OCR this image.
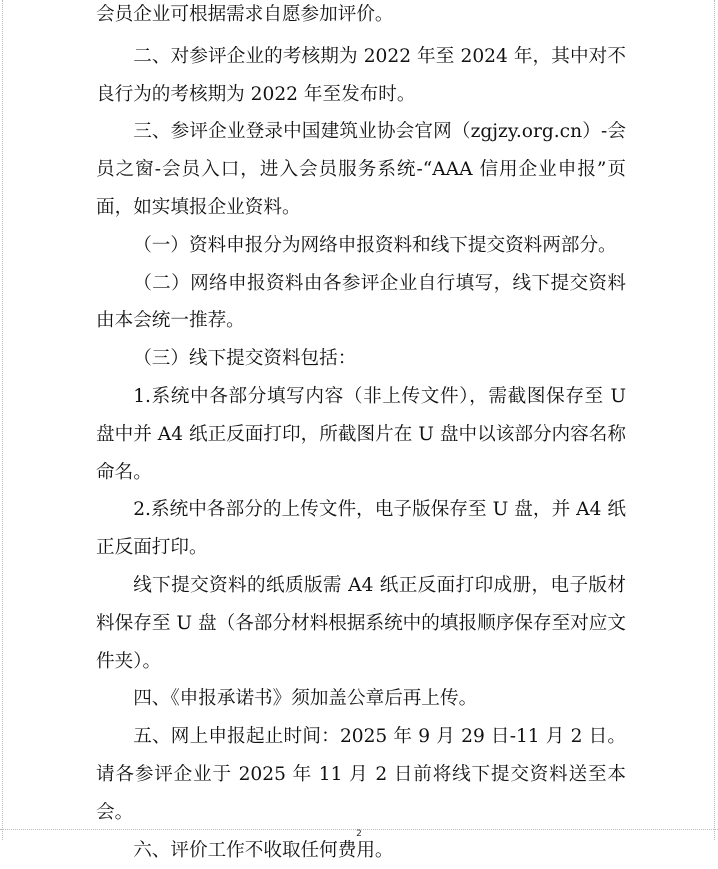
会员企业可根据需求自愿参加评价。

二、对参评企业的考核期为 2022 年至 2024 年，其中对不良行为的考核期为 2022 年至发布时。

三、参评企业登录中国建筑业协会官网（zgjzy.org.cn）-会员之窗-会员入口，进入会员服务系统-“AAA 信用企业申报”页面，如实填报企业资料。

（一）资料申报分为网络申报资料和线下提交资料两部分。

（二）网络申报资料由各参评企业自行填写，线下提交资料由本会统一推荐。

（三）线下提交资料包括：

1.系统中各部分填写内容（非上传文件），需截图保存至 U 盘中并 A4 纸正反面打印，所截图片在 U 盘中以该部分内容名称命名。

2.系统中各部分的上传文件，电子版保存至 U 盘，并 A4 纸正反面打印。

线下提交资料的纸质版需 A4 纸正反面打印成册，电子版材料保存至 U 盘（各部分材料根据系统中的填报顺序保存至对应文件夹）。

四、《申报承诺书》须加盖公章后再上传。

五、网上申报起止时间：2025 年 9 月 29 日-11 月 2 日。请各参评企业于 2025 年 11 月 2 日前将线下提交资料送至本会。

六、评价工作不收取任何费用。

2
